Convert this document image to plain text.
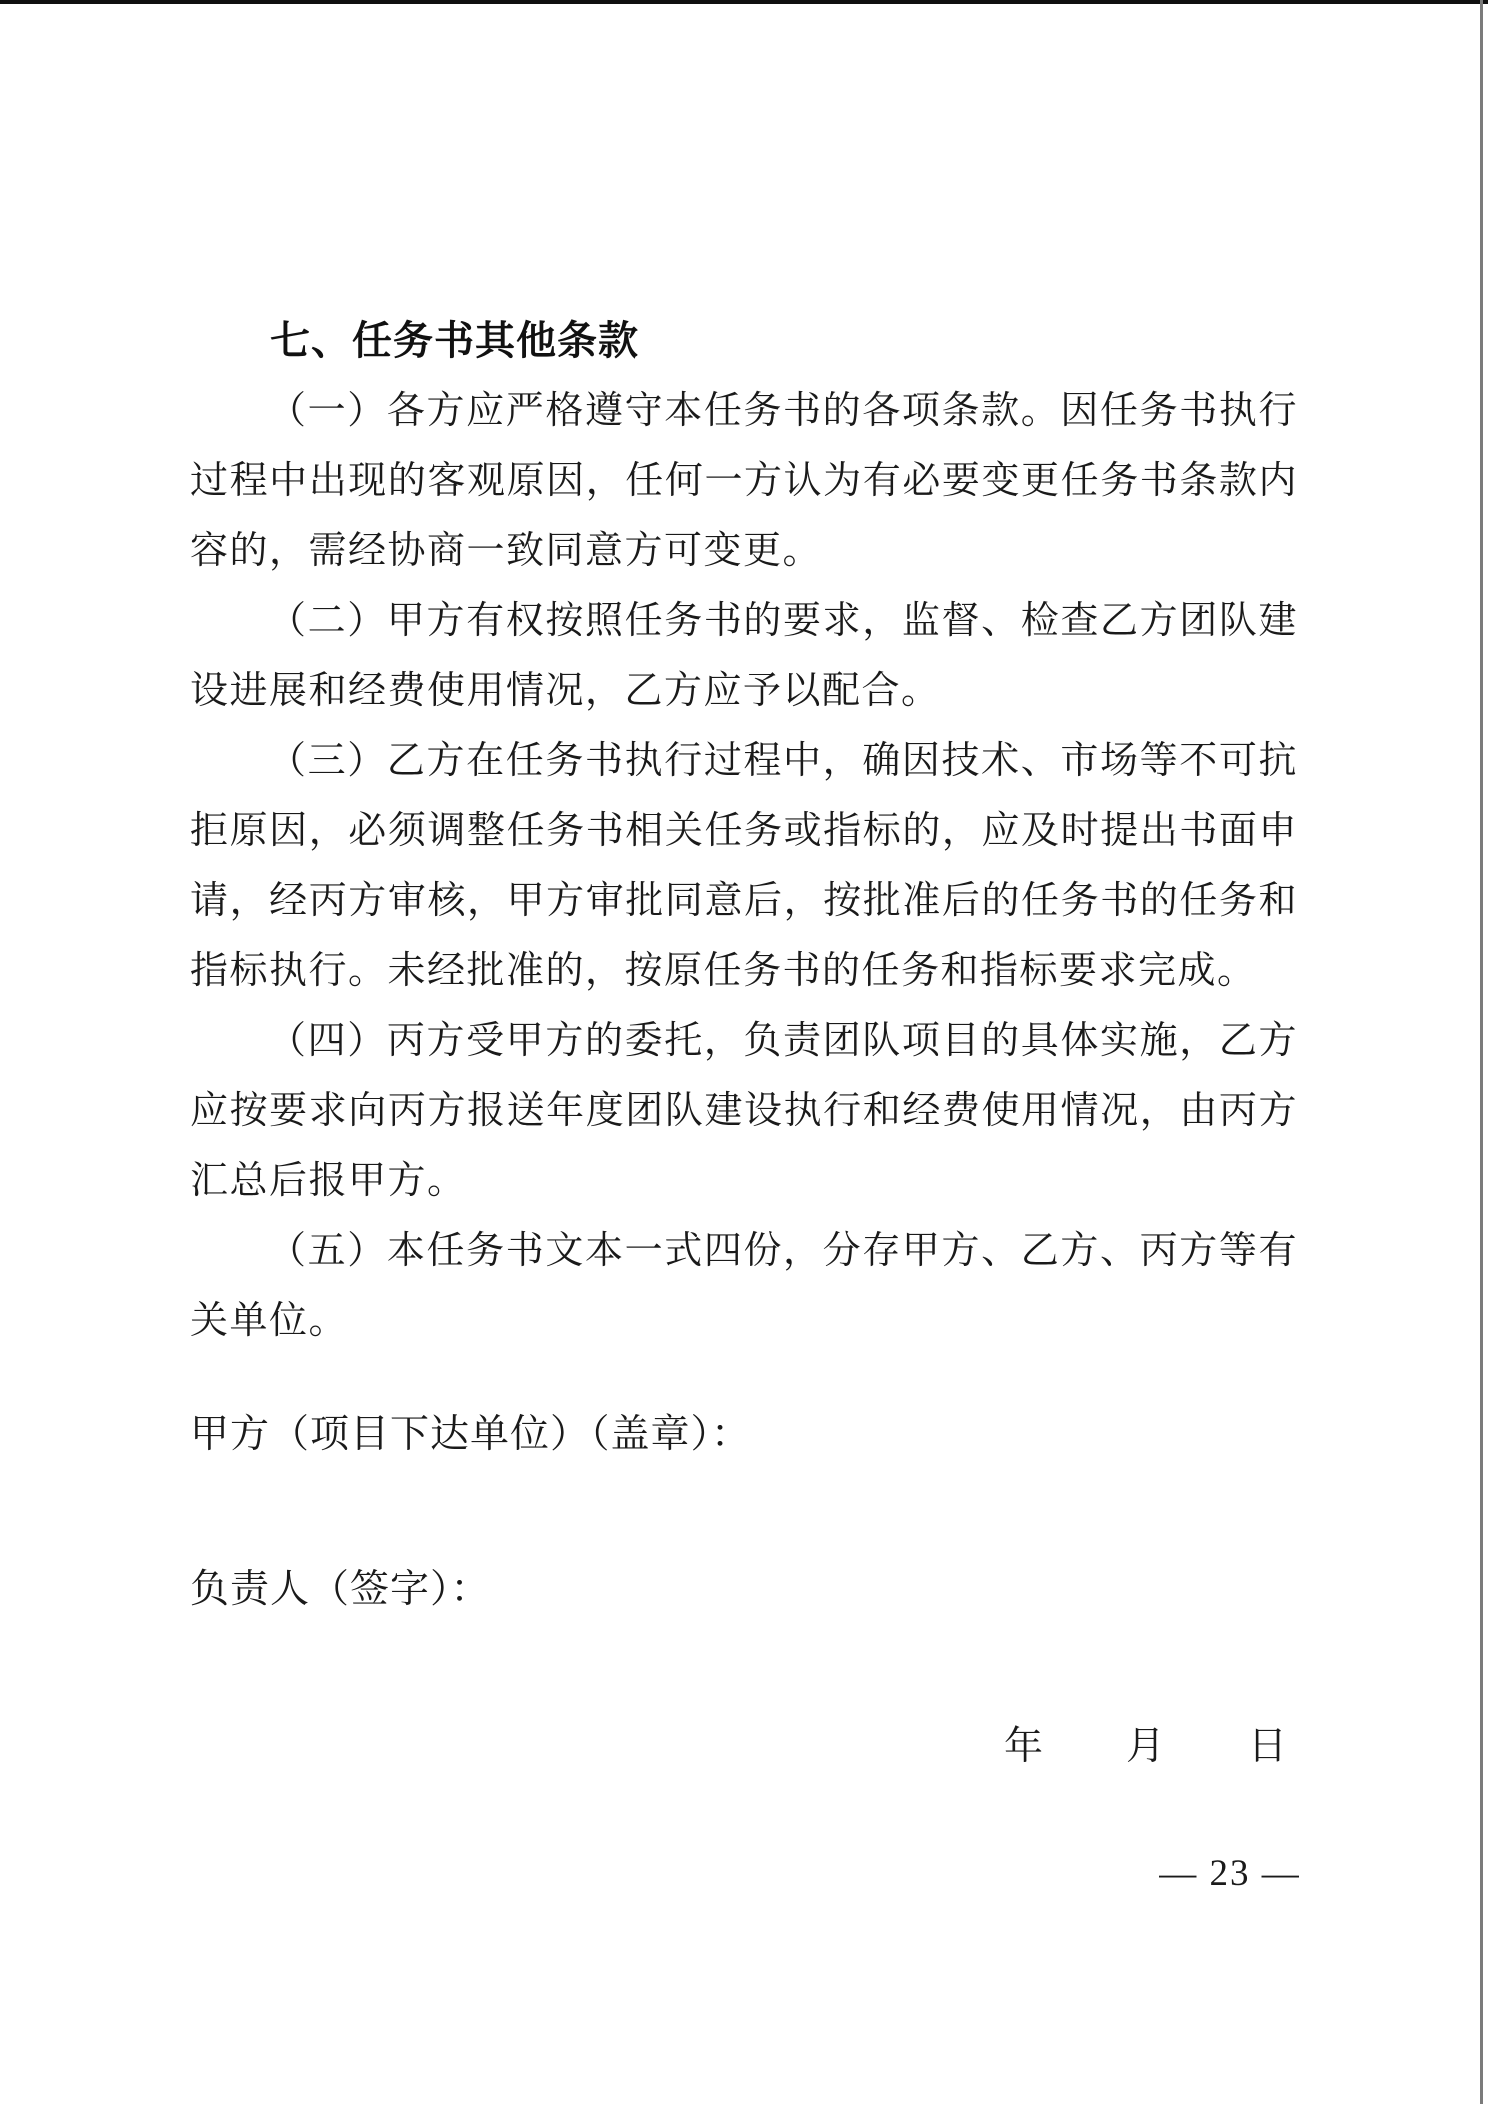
七、任务书其他条款

（一）各方应严格遵守本任务书的各项条款。因任务书执行过程中出现的客观原因，任何一方认为有必要变更任务书条款内容的，需经协商一致同意方可变更。

（二）甲方有权按照任务书的要求，监督、检查乙方团队建设进展和经费使用情况，乙方应予以配合。

（三）乙方在任务书执行过程中，确因技术、市场等不可抗拒原因，必须调整任务书相关任务或指标的，应及时提出书面申请，经丙方审核，甲方审批同意后，按批准后的任务书的任务和指标执行。未经批准的，按原任务书的任务和指标要求完成。

（四）丙方受甲方的委托，负责团队项目的具体实施，乙方应按要求向丙方报送年度团队建设执行和经费使用情况，由丙方汇总后报甲方。

（五）本任务书文本一式四份，分存甲方、乙方、丙方等有关单位。

甲方（项目下达单位）（盖章）：

负责人（签字）：

年 月 日
— 23 —
